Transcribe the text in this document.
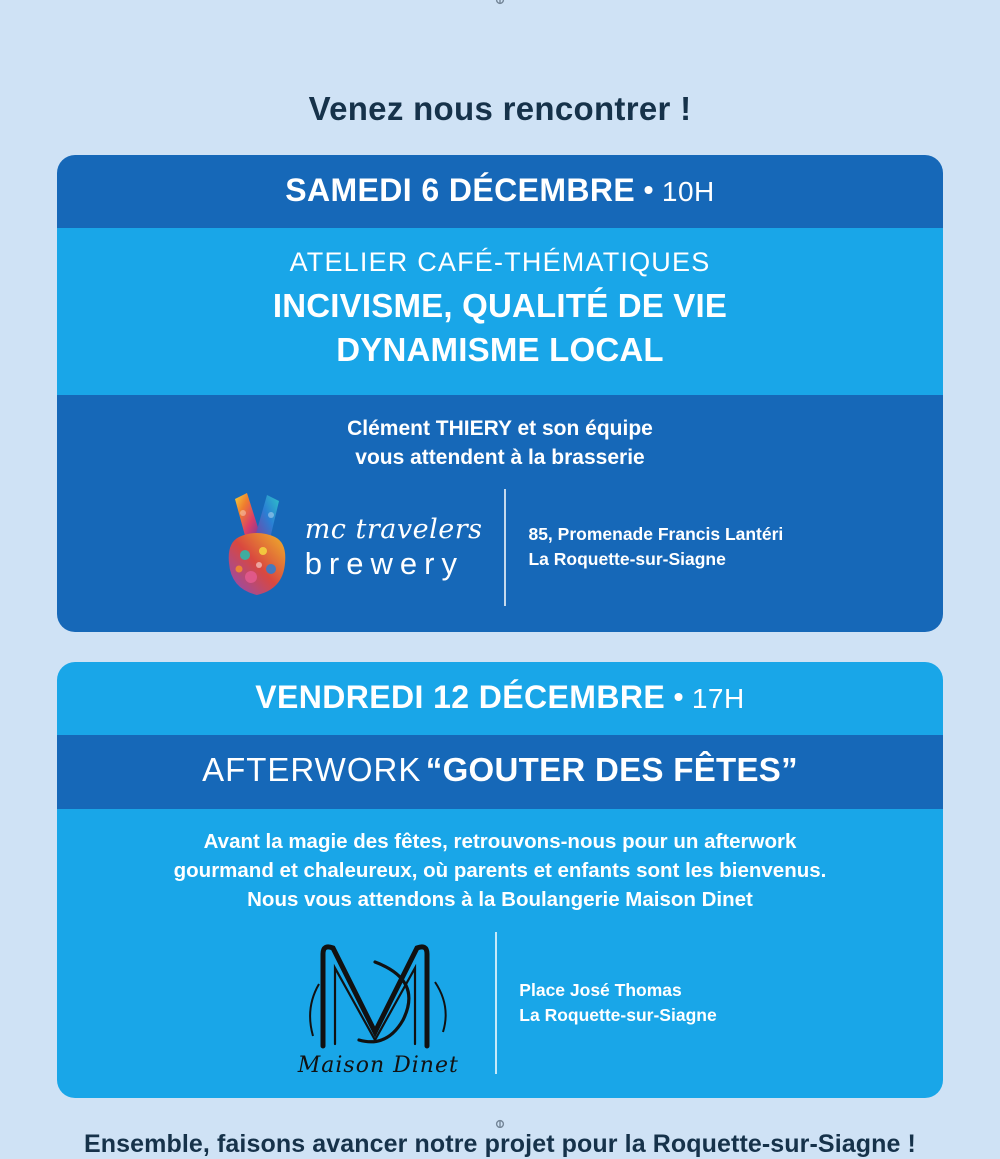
Venez nous rencontrer !
SAMEDI 6 DÉCEMBRE • 10H
ATELIER CAFÉ-THÉMATIQUES
INCIVISME, QUALITÉ DE VIE
DYNAMISME LOCAL
Clément THIERY et son équipe
vous attendent à la brasserie
mc travelers
brewery
85, Promenade Francis Lantéri
La Roquette-sur-Siagne
VENDREDI 12 DÉCEMBRE • 17H
AFTERWORK “GOUTER DES FÊTES”
Avant la magie des fêtes, retrouvons-nous pour un afterwork
gourmand et chaleureux, où parents et enfants sont les bienvenus.
Nous vous attendons à la Boulangerie Maison Dinet
Maison Dinet
Place José Thomas
La Roquette-sur-Siagne
Ensemble, faisons avancer notre projet pour la Roquette-sur-Siagne !
